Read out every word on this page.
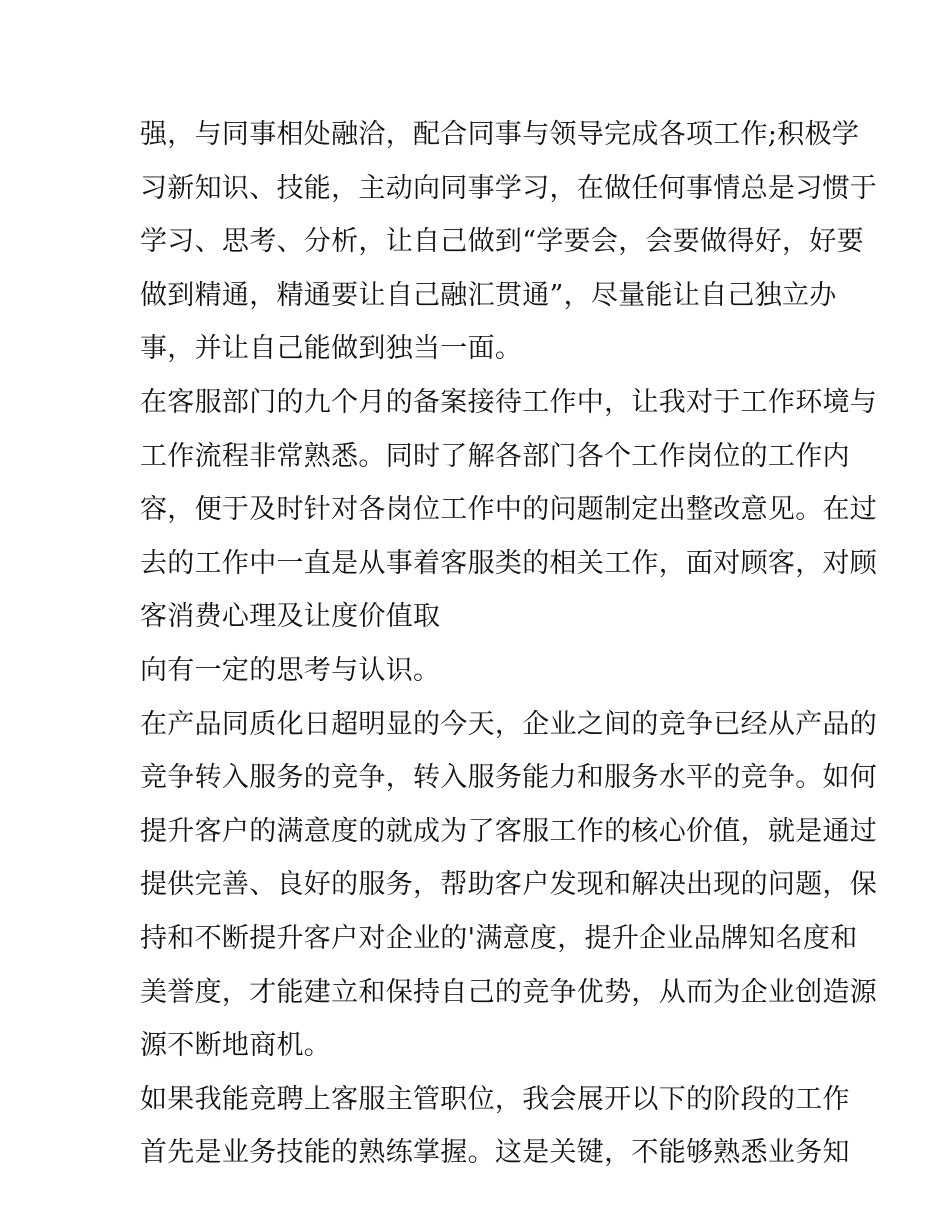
强，与同事相处融洽，配合同事与领导完成各项工作;积极学
习新知识、技能，主动向同事学习，在做任何事情总是习惯于
学习、思考、分析，让自己做到“学要会，会要做得好，好要
做到精通，精通要让自己融汇贯通”，尽量能让自己独立办
事，并让自己能做到独当一面。
在客服部门的九个月的备案接待工作中，让我对于工作环境与
工作流程非常熟悉。同时了解各部门各个工作岗位的工作内
容，便于及时针对各岗位工作中的问题制定出整改意见。在过
去的工作中一直是从事着客服类的相关工作，面对顾客，对顾
客消费心理及让度价值取
向有一定的思考与认识。
在产品同质化日超明显的今天，企业之间的竞争已经从产品的
竞争转入服务的竞争，转入服务能力和服务水平的竞争。如何
提升客户的满意度的就成为了客服工作的核心价值，就是通过
提供完善、良好的服务，帮助客户发现和解决出现的问题，保
持和不断提升客户对企业的'满意度，提升企业品牌知名度和
美誉度，才能建立和保持自己的竞争优势，从而为企业创造源
源不断地商机。
如果我能竞聘上客服主管职位，我会展开以下的阶段的工作
首先是业务技能的熟练掌握。这是关键，不能够熟悉业务知
